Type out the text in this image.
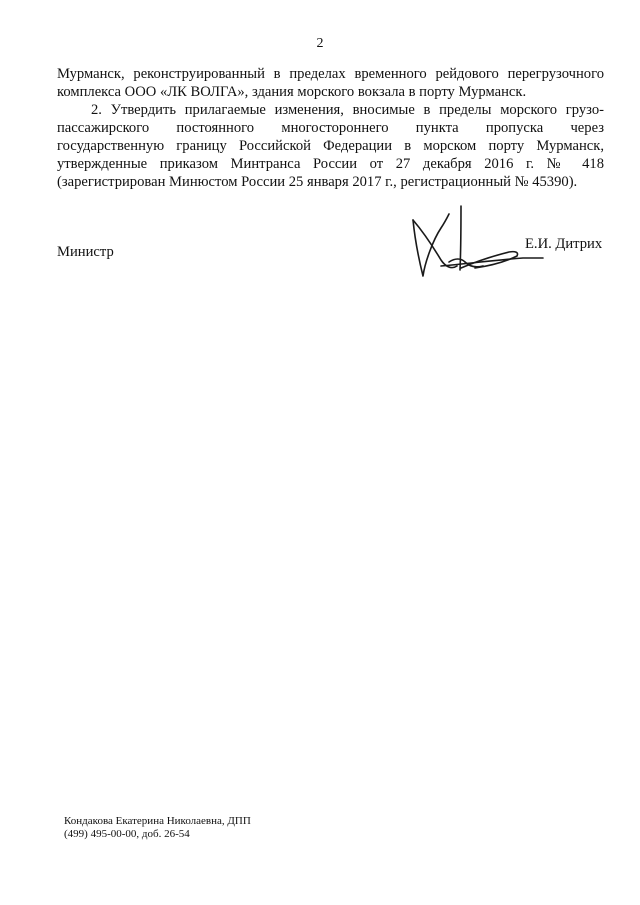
2
Мурманск, реконструированный в пределах временного рейдового перегрузочного
комплекса ООО «ЛК ВОЛГА», здания морского вокзала в порту Мурманск.
2. Утвердить прилагаемые изменения, вносимые в пределы морского грузо-
пассажирского постоянного многостороннего пункта пропуска через
государственную границу Российской Федерации в морском порту Мурманск,
утвержденные приказом Минтранса России от 27 декабря 2016 г. № 418
(зарегистрирован Минюстом России 25 января 2017 г., регистрационный № 45390).
Министр	Е.И. Дитрих
Кондакова Екатерина Николаевна, ДПП
(499) 495-00-00, доб. 26-54
